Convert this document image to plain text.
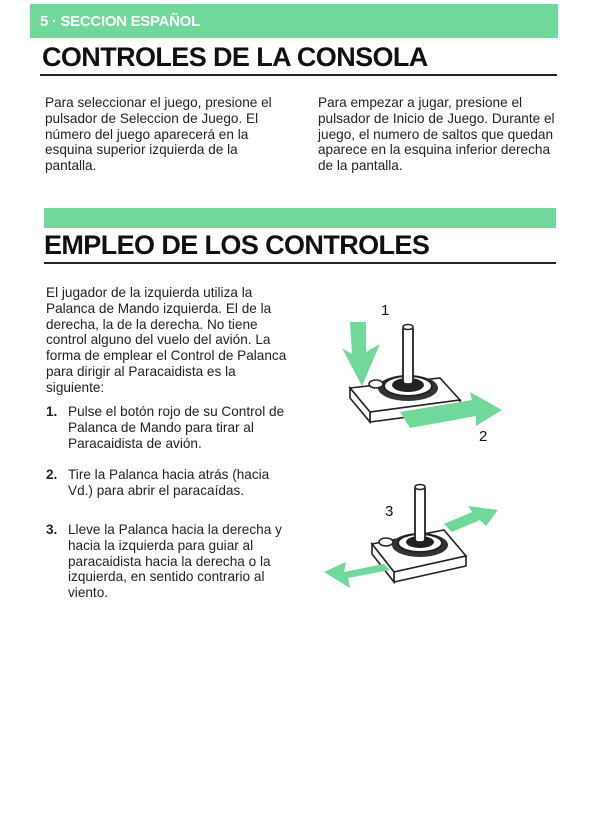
5 · SECCION ESPAÑOL
CONTROLES DE LA CONSOLA
Para seleccionar el juego, presione el pulsador de Seleccion de Juego. El número del juego aparecerá en la esquina superior izquierda de la pantalla.
Para empezar a jugar, presione el pulsador de Inicio de Juego. Durante el juego, el numero de saltos que quedan aparece en la esquina inferior derecha de la pantalla.
EMPLEO DE LOS CONTROLES
El jugador de la izquierda utiliza la Palanca de Mando izquierda. El de la derecha, la de la derecha. No tiene control alguno del vuelo del avión. La forma de emplear el Control de Palanca para dirigir al Paracaidista es la siguiente:
1. Pulse el botón rojo de su Control de Palanca de Mando para tirar al Paracaidista de avión.
2. Tire la Palanca hacia atrás (hacia Vd.) para abrir el paracaídas.
3. Lleve la Palanca hacia la derecha y hacia la izquierda para guiar al paracaidista hacia la derecha o la izquierda, en sentido contrario al viento.
1
2
3
